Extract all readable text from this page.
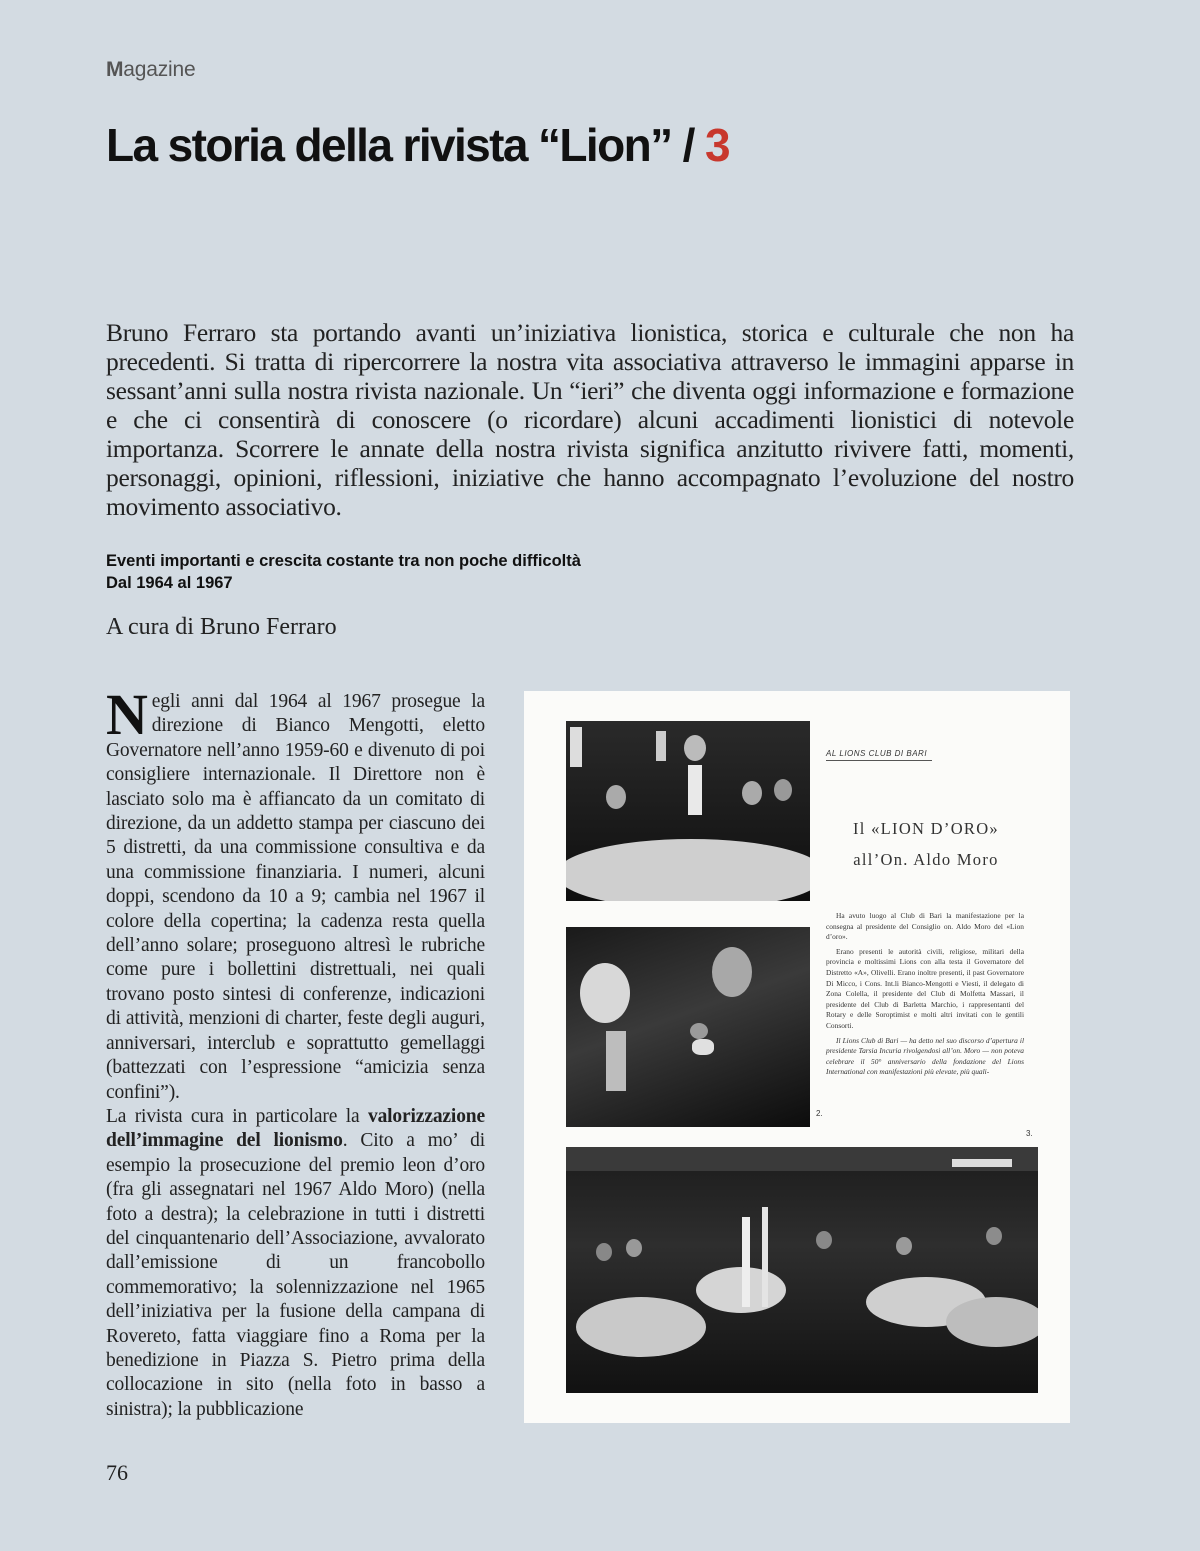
Magazine
La storia della rivista “Lion” / 3

Bruno Ferraro sta portando avanti un’iniziativa lionistica, storica e culturale che non ha precedenti. Si tratta di ripercorrere la nostra vita associativa attraverso le immagini apparse in sessant’anni sulla nostra rivista nazionale. Un “ieri” che diventa oggi informazione e formazione e che ci consentirà di conoscere (o ricordare) alcuni accadimenti lionistici di notevole importanza. Scorrere le annate della nostra rivista significa anzitutto rivivere fatti, momenti, personaggi, opinioni, riflessioni, iniziative che hanno accompagnato l’evoluzione del nostro movimento associativo.

Eventi importanti e crescita costante tra non poche difficoltà
Dal 1964 al 1967
A cura di Bruno Ferraro

Negli anni dal 1964 al 1967 prosegue la direzione di Bianco Mengotti, eletto Governatore nell’anno 1959-60 e divenuto di poi consigliere internazionale. Il Direttore non è lasciato solo ma è affiancato da un comitato di direzione, da un addetto stampa per ciascuno dei 5 distretti, da una commissione consultiva e da una commissione finanziaria. I numeri, alcuni doppi, scendono da 10 a 9; cambia nel 1967 il colore della copertina; la cadenza resta quella dell’anno solare; proseguono altresì le rubriche come pure i bollettini distrettuali, nei quali trovano posto sintesi di conferenze, indicazioni di attività, menzioni di charter, feste degli auguri, anniversari, interclub e soprattutto gemellaggi (battezzati con l’espressione “amicizia senza confini”).

La rivista cura in particolare la valorizzazione dell’immagine del lionismo. Cito a mo’ di esempio la prosecuzione del premio leon d’oro (fra gli assegnatari nel 1967 Aldo Moro) (nella foto a destra); la celebrazione in tutti i distretti del cinquantenario dell’Associazione, avvalorato dall’emissione di un francobollo commemorativo; la solennizzazione nel 1965 dell’iniziativa per la fusione della campana di Rovereto, fatta viaggiare fino a Roma per la benedizione in Piazza S. Pietro prima della collocazione in sito (nella foto in basso a sinistra); la pubblicazione

AL LIONS CLUB DI BARI
Il «LION D’ORO»
all’On. Aldo Moro

Ha avuto luogo al Club di Bari la manifestazione per la consegna al presidente del Consiglio on. Aldo Moro del «Lion d’oro».

Erano presenti le autorità civili, religiose, militari della provincia e moltissimi Lions con alla testa il Governatore del Distretto «A», Olivelli. Erano inoltre presenti, il past Governatore Di Micco, i Cons. Int.li Bianco-Mengotti e Viesti, il delegato di Zona Colella, il presidente del Club di Molfetta Massari, il presidente del Club di Barletta Marchio, i rappresentanti del Rotary e delle Soroptimist e molti altri invitati con le gentili Consorti.

Il Lions Club di Bari — ha detto nel suo discorso d’apertura il presidente Tarsia Incuria rivolgendosi all’on. Moro — non poteva celebrare il 50° anniversario della fondazione del Lions International con manifestazioni più elevate, più quali-

2.
3.
76
